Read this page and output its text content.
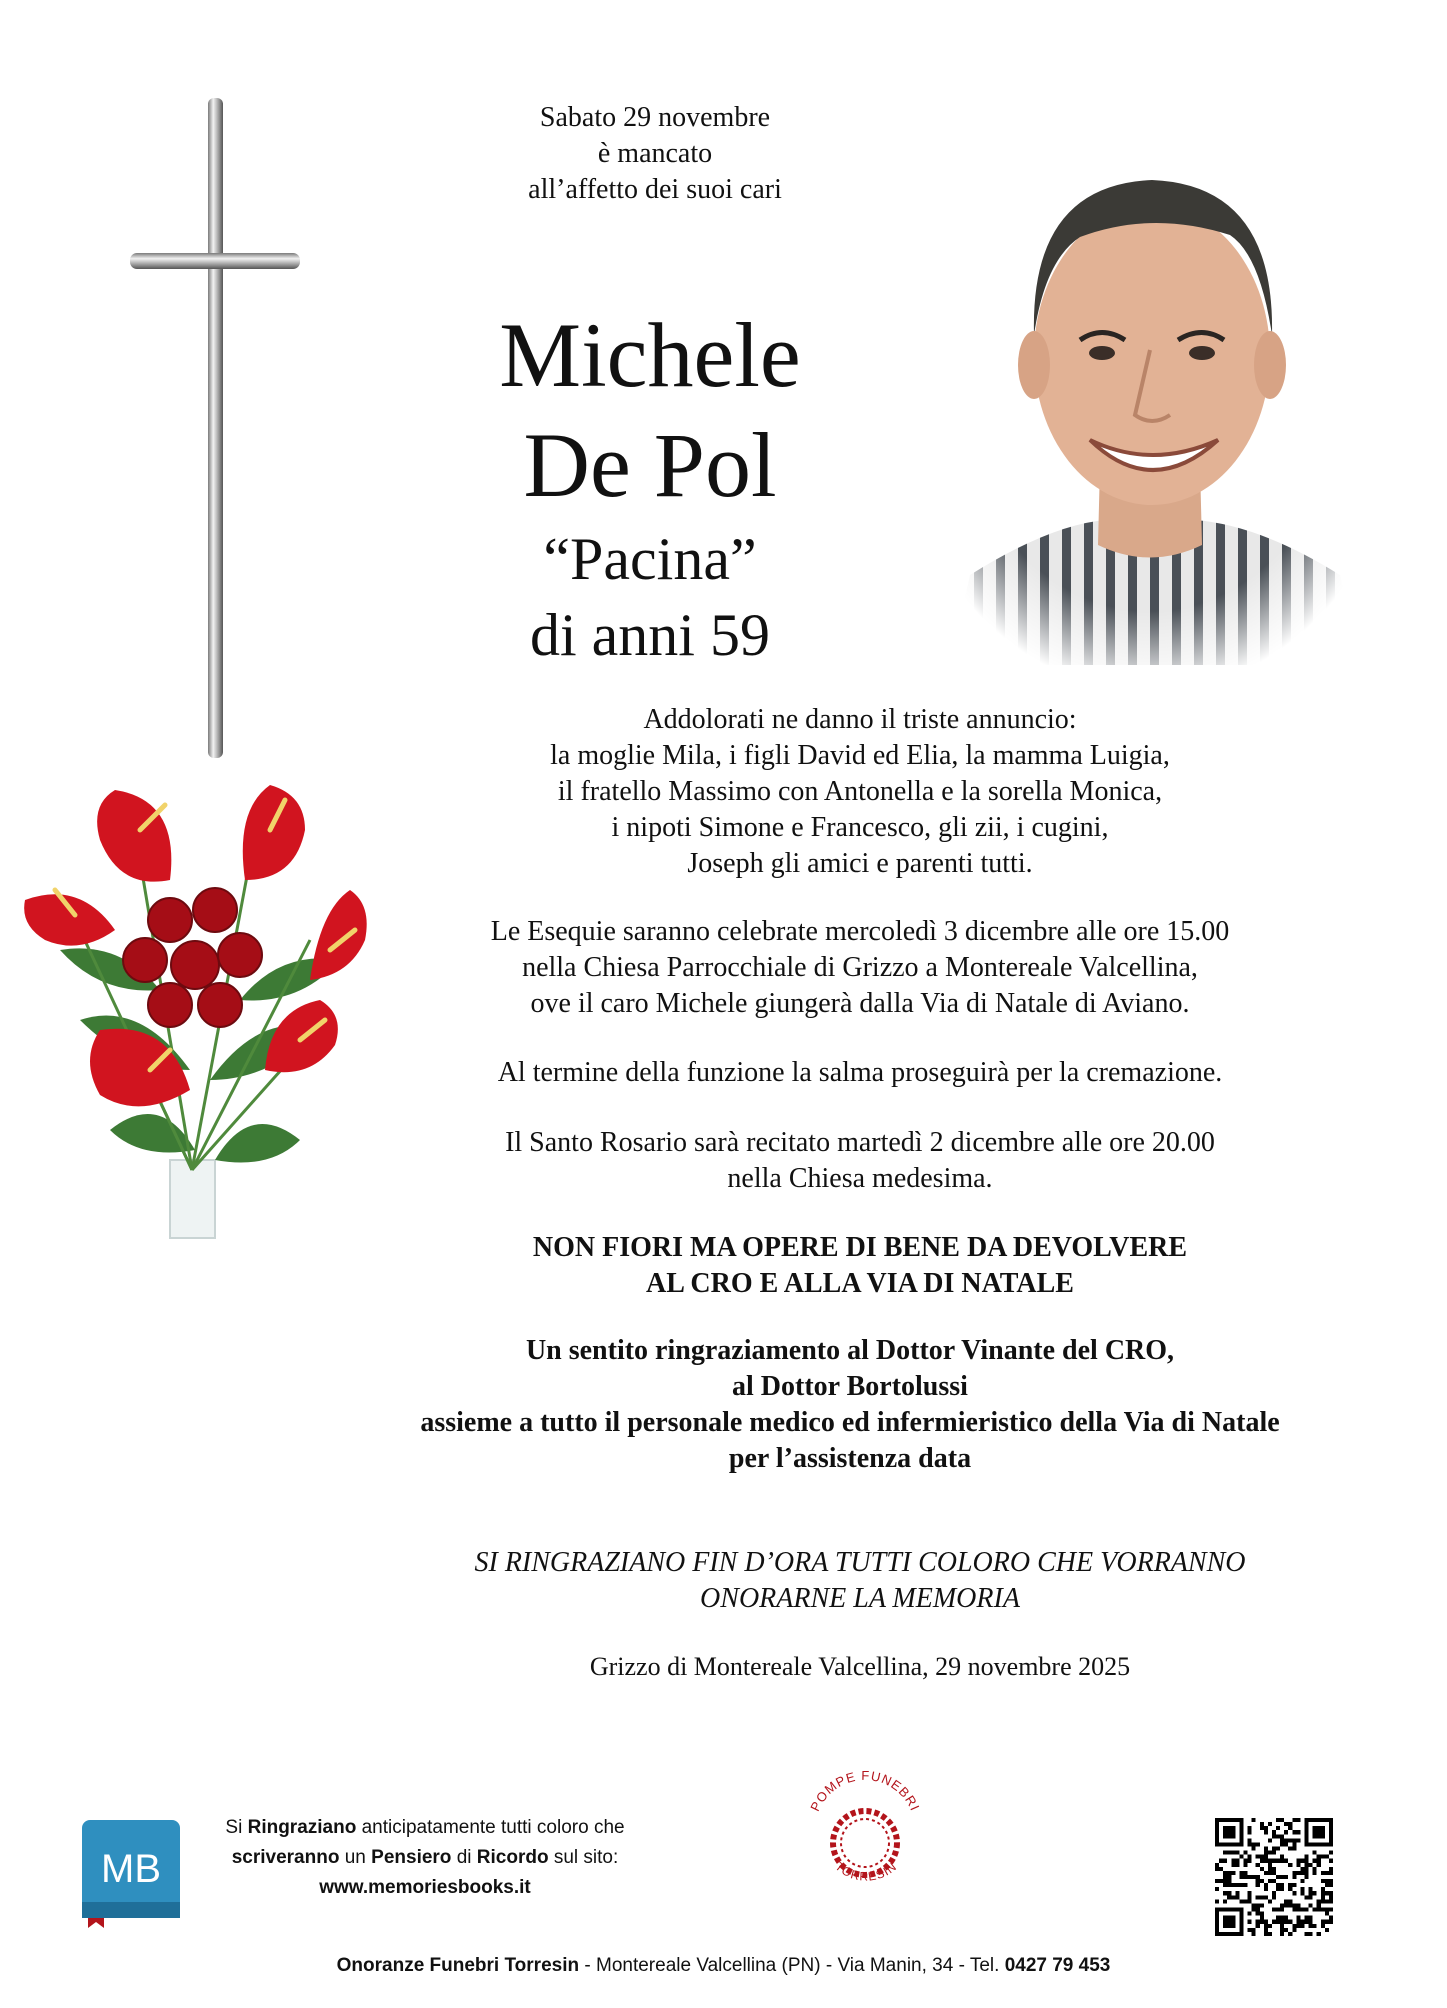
Sabato 29 novembre
è mancato
all’affetto dei suoi cari
Michele
De Pol
“Pacina”
di anni 59
Addolorati ne danno il triste annuncio:
la moglie Mila, i figli David ed Elia, la mamma Luigia,
il fratello Massimo con Antonella e la sorella Monica,
i nipoti Simone e Francesco, gli zii, i cugini,
Joseph gli amici e parenti tutti.
Le Esequie saranno celebrate mercoledì 3 dicembre alle ore 15.00
nella Chiesa Parrocchiale di Grizzo a Montereale Valcellina,
ove il caro Michele giungerà dalla Via di Natale di Aviano.
Al termine della funzione la salma proseguirà per la cremazione.
Il Santo Rosario sarà recitato martedì 2 dicembre alle ore 20.00
nella Chiesa medesima.
NON FIORI MA OPERE DI BENE DA DEVOLVERE
AL CRO E ALLA VIA DI NATALE
Un sentito ringraziamento al Dottor Vinante del CRO,
al Dottor Bortolussi
assieme a tutto il personale medico ed infermieristico della Via di Natale
per l’assistenza data
SI RINGRAZIANO FIN D’ORA TUTTI COLORO CHE VORRANNO
ONORARNE LA MEMORIA
Grizzo di Montereale Valcellina, 29 novembre 2025
MB
Si Ringraziano anticipatamente tutti coloro che
scriveranno un Pensiero di Ricordo sul sito:
www.memoriesbooks.it
POMPE FUNEBRI
TORRESIN
Onoranze Funebri Torresin - Montereale Valcellina (PN) - Via Manin, 34 - Tel. 0427 79 453
